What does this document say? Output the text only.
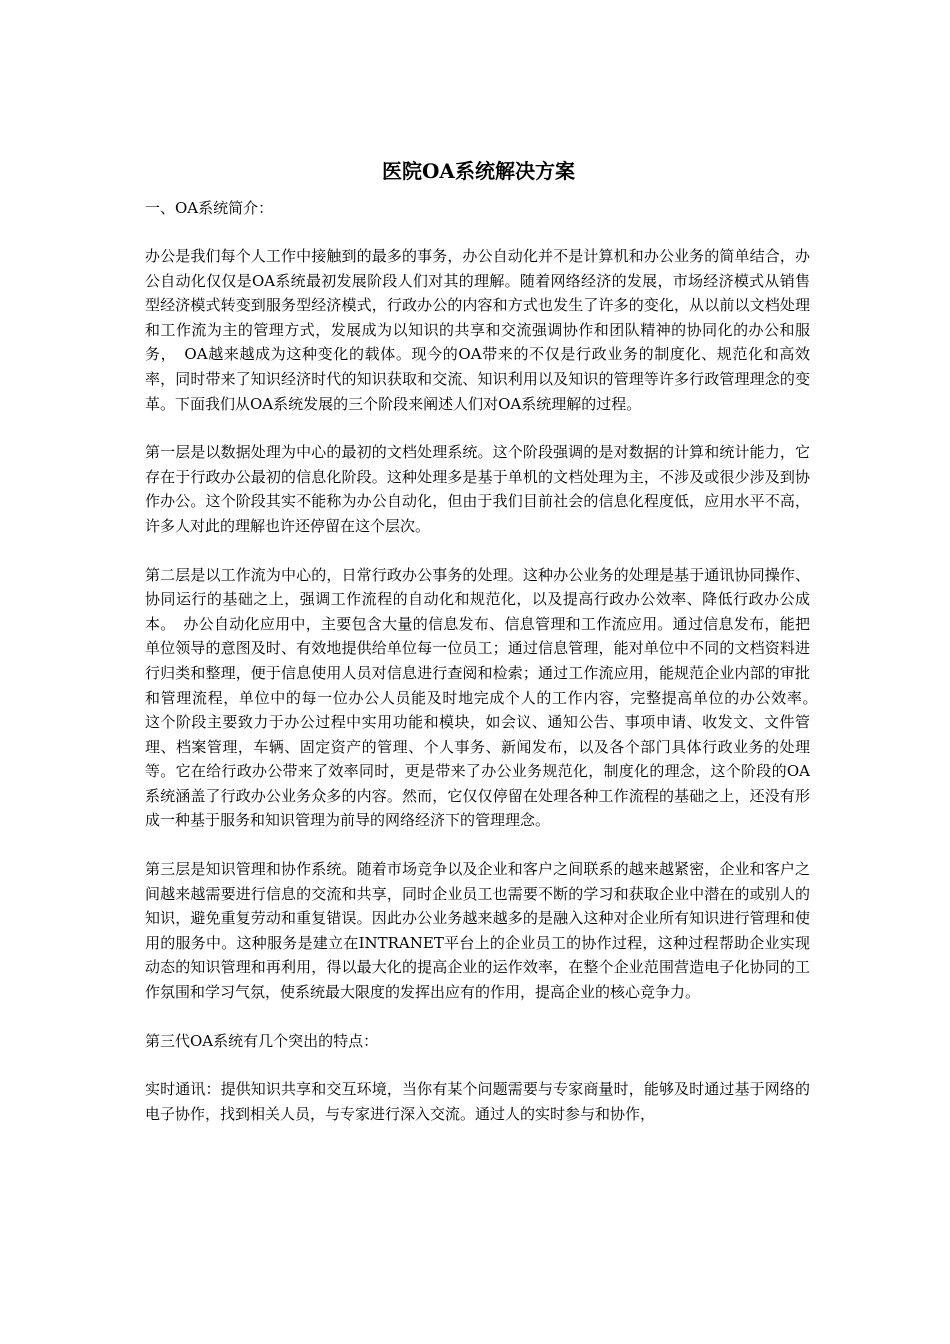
医院OA系统解决方案
一、OA系统简介：

办公是我们每个人工作中接触到的最多的事务，办公自动化并不是计算机和办公业务的简单结合，办公自动化仅仅是OA系统最初发展阶段人们对其的理解。随着网络经济的发展，市场经济模式从销售型经济模式转变到服务型经济模式，行政办公的内容和方式也发生了许多的变化，从以前以文档处理和工作流为主的管理方式，发展成为以知识的共享和交流强调协作和团队精神的协同化的办公和服务，　OA越来越成为这种变化的载体。现今的OA带来的不仅是行政业务的制度化、规范化和高效率，同时带来了知识经济时代的知识获取和交流、知识利用以及知识的管理等许多行政管理理念的变革。下面我们从OA系统发展的三个阶段来阐述人们对OA系统理解的过程。

第一层是以数据处理为中心的最初的文档处理系统。这个阶段强调的是对数据的计算和统计能力，它存在于行政办公最初的信息化阶段。这种处理多是基于单机的文档处理为主，不涉及或很少涉及到协作办公。这个阶段其实不能称为办公自动化，但由于我们目前社会的信息化程度低，应用水平不高，许多人对此的理解也许还停留在这个层次。

第二层是以工作流为中心的，日常行政办公事务的处理。这种办公业务的处理是基于通讯协同操作、协同运行的基础之上，强调工作流程的自动化和规范化，以及提高行政办公效率、降低行政办公成本。　办公自动化应用中，主要包含大量的信息发布、信息管理和工作流应用。通过信息发布，能把单位领导的意图及时、有效地提供给单位每一位员工；通过信息管理，能对单位中不同的文档资料进行归类和整理，便于信息使用人员对信息进行查阅和检索；通过工作流应用，能规范企业内部的审批和管理流程，单位中的每一位办公人员能及时地完成个人的工作内容，完整提高单位的办公效率。　这个阶段主要致力于办公过程中实用功能和模块，如会议、通知公告、事项申请、收发文、文件管理、档案管理，车辆、固定资产的管理、个人事务、新闻发布，以及各个部门具体行政业务的处理等。它在给行政办公带来了效率同时，更是带来了办公业务规范化，制度化的理念，这个阶段的OA系统涵盖了行政办公业务众多的内容。然而，它仅仅停留在处理各种工作流程的基础之上，还没有形成一种基于服务和知识管理为前导的网络经济下的管理理念。

第三层是知识管理和协作系统。随着市场竞争以及企业和客户之间联系的越来越紧密，企业和客户之间越来越需要进行信息的交流和共享，同时企业员工也需要不断的学习和获取企业中潜在的或别人的知识，避免重复劳动和重复错误。因此办公业务越来越多的是融入这种对企业所有知识进行管理和使用的服务中。这种服务是建立在INTRANET平台上的企业员工的协作过程，这种过程帮助企业实现动态的知识管理和再利用，得以最大化的提高企业的运作效率，在整个企业范围营造电子化协同的工作氛围和学习气氛，使系统最大限度的发挥出应有的作用，提高企业的核心竞争力。

第三代OA系统有几个突出的特点：

实时通讯：提供知识共享和交互环境，当你有某个问题需要与专家商量时，能够及时通过基于网络的电子协作，找到相关人员，与专家进行深入交流。通过人的实时参与和协作，
